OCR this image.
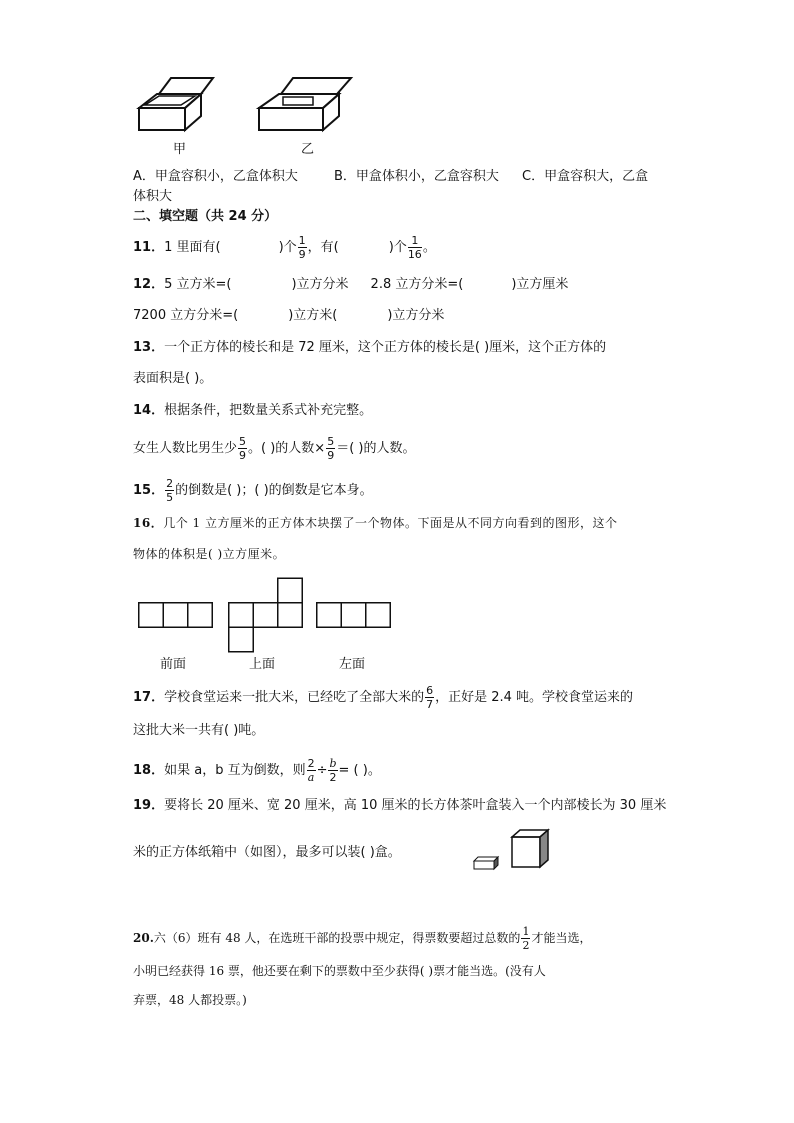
甲	乙
A．甲盒容积小，乙盒体积大	B．甲盒体积小，乙盒容积大 C．甲盒容积大，乙盒
体积大
二、填空题（共 24 分）
11．1 里面有(	)个 $\frac{1}{9}$ ，有(	)个 $\frac{1}{16}$ 。
12．5 立方米=(	)立方分米 2.8 立方分米=(	)立方厘米
7200 立方分米=(	)立方米(	)立方分米
13．一个正方体的棱长和是 72 厘米，这个正方体的棱长是( )厘米，这个正方体的
表面积是( )。
14．根据条件，把数量关系式补充完整。
女生人数比男生少 $\frac{5}{9}$ 。( )的人数× $\frac{5}{9}$ ＝( )的人数。
15． $\frac{2}{5}$ 的倒数是( )；( )的倒数是它本身。
16．几个 1 立方厘米的正方体木块摆了一个物体。下面是从不同方向看到的图形，这个
物体的体积是( )立方厘米。
前面	上面	左面
17．学校食堂运来一批大米，已经吃了全部大米的 $\frac{6}{7}$ ，正好是 2.4 吨。学校食堂运来的
这批大米一共有( )吨。
18．如果 a，b 互为倒数，则 $\frac{2}{a} \div \frac{b}{2}$ = ( )。
19．要将长 20 厘米、宽 20 厘米，高 10 厘米的长方体茶叶盒装入一个内部棱长为 30 厘米
米的正方体纸箱中（如图），最多可以装( )盒。
20.六（6）班有 48 人，在选班干部的投票中规定，得票数要超过总数的 $\frac{1}{2}$ 才能当选，
小明已经获得 16 票，他还要在剩下的票数中至少获得( )票才能当选。(没有人
弃票，48 人都投票。)
